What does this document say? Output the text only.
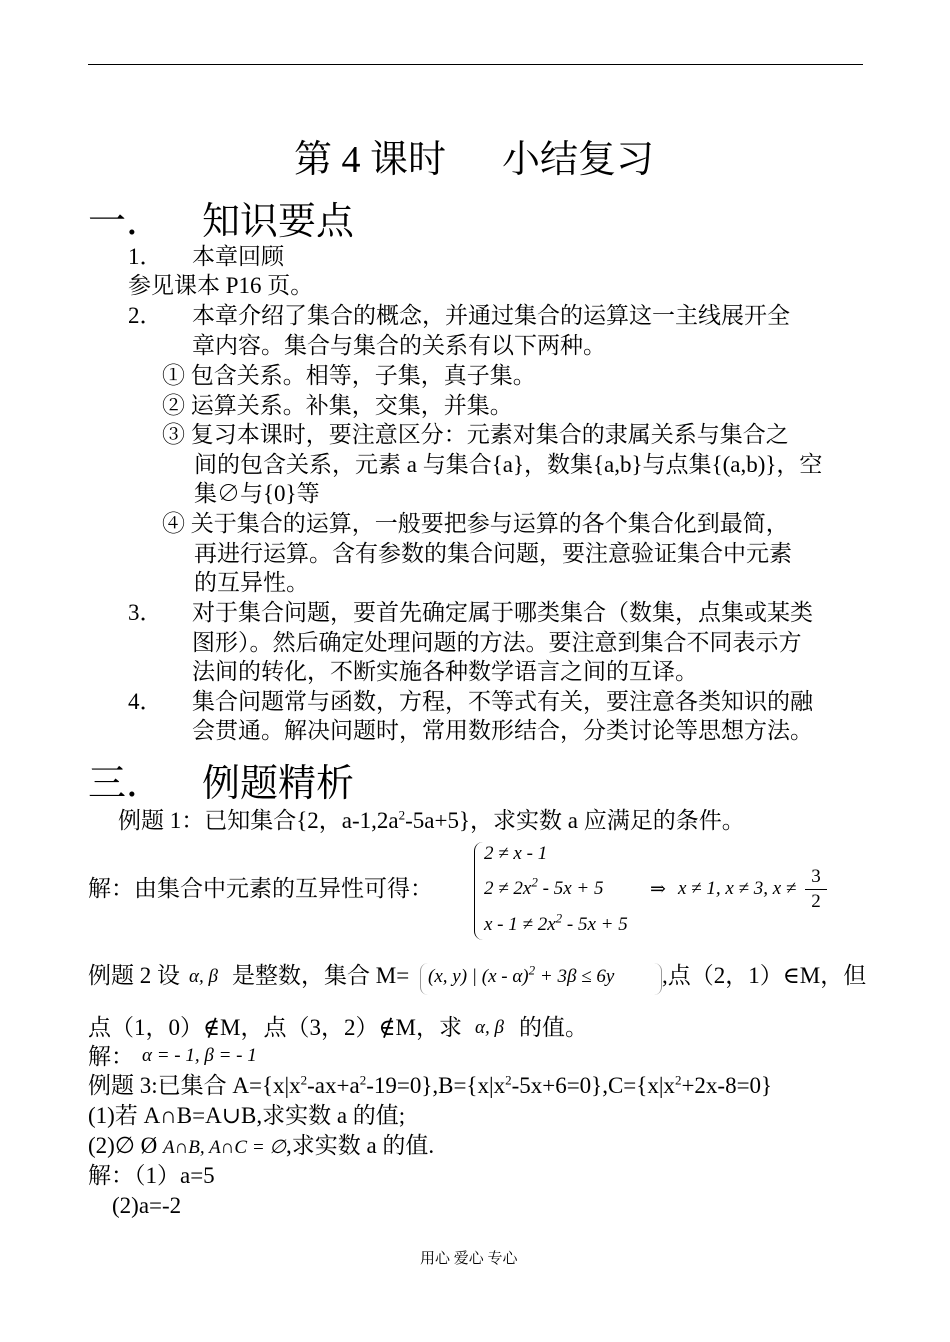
第 4 课时 小结复习
一． 知识要点
1． 本章回顾
参见课本 P16 页。
2． 本章介绍了集合的概念，并通过集合的运算这一主线展开全
章内容。集合与集合的关系有以下两种。
① 包含关系。相等，子集，真子集。
② 运算关系。补集，交集，并集。
③ 复习本课时，要注意区分：元素对集合的隶属关系与集合之
间的包含关系，元素 a 与集合{a}，数集{a,b}与点集{(a,b)}，空
集∅与{0}等
④ 关于集合的运算，一般要把参与运算的各个集合化到最简，
再进行运算。含有参数的集合问题，要注意验证集合中元素
的互异性。
3． 对于集合问题，要首先确定属于哪类集合（数集，点集或某类
图形）。然后确定处理问题的方法。要注意到集合不同表示方
法间的转化，不断实施各种数学语言之间的互译。
4． 集合问题常与函数，方程，不等式有关，要注意各类知识的融
会贯通。解决问题时，常用数形结合，分类讨论等思想方法。
三． 例题精析
例题 1：已知集合{2，$a-1,2a^2-5a+5$}，求实数 a 应满足的条件。
解：由集合中元素的互异性可得：
2 ≠ x - 1
$2 \ne 2x^2 - 5x + 5$
$x - 1 \ne 2x^2 - 5x + 5$
⇒ x ≠ 1, x ≠ 3, x ≠
3
2
例题 2 设 α, β 是整数，集合 M= (x, y) | (x - α)$^2$ + 3β ≤ 6y ,点（2，1）∈M，但
点（1，0）∉M，点（3，2）∉M，求 α, β 的值。
解： α = - 1, β = - 1
例题 3:已集合 $A=\{x|x^2-ax+a^2-19=0\},B=\{x|x^2-5x+6=0\},C=\{x|x^2+2x-8=0\}$
(1)若 A∩B=A∪B,求实数 a 的值;
(2)∅ Ø A∩B, A∩C = ∅,求实数 a 的值.
解：（1）a=5
(2)a=-2
用心 爱心 专心
